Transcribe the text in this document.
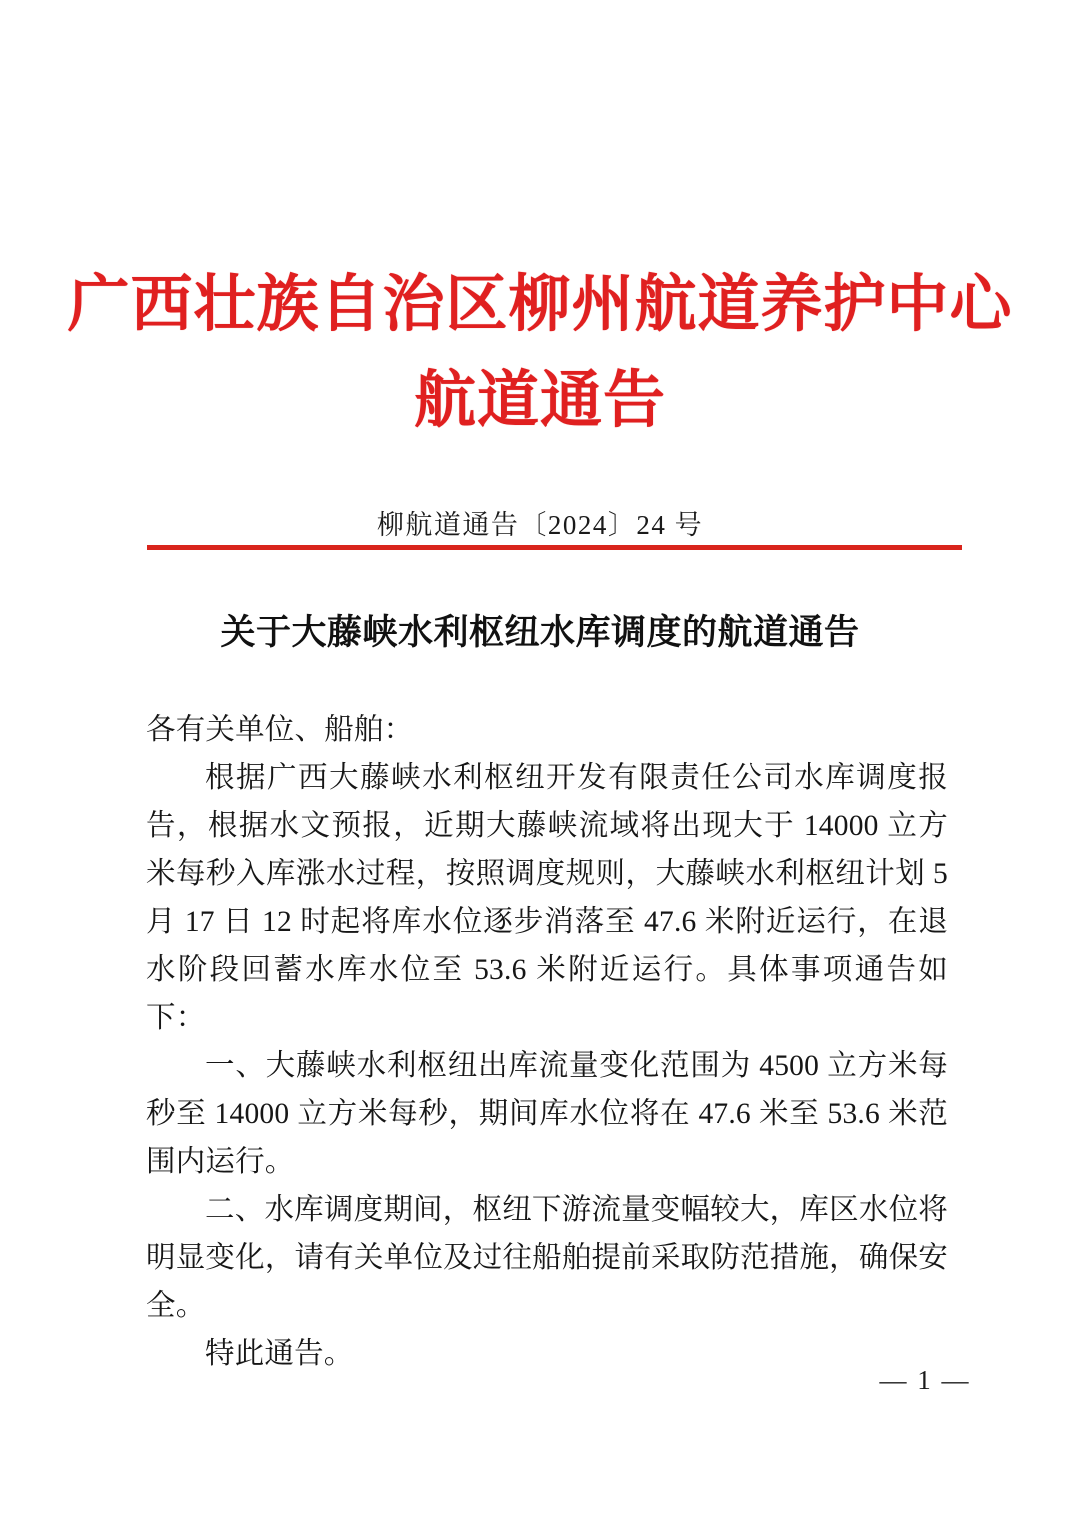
广西壮族自治区柳州航道养护中心
航道通告
柳航道通告〔2024〕24 号
关于大藤峡水利枢纽水库调度的航道通告

各有关单位、船舶：

根据广西大藤峡水利枢纽开发有限责任公司水库调度报告，根据水文预报，近期大藤峡流域将出现大于 14000 立方米每秒入库涨水过程，按照调度规则，大藤峡水利枢纽计划 5 月 17 日 12 时起将库水位逐步消落至 47.6 米附近运行，在退水阶段回蓄水库水位至 53.6 米附近运行。具体事项通告如下：

一、大藤峡水利枢纽出库流量变化范围为 4500 立方米每秒至 14000 立方米每秒，期间库水位将在 47.6 米至 53.6 米范围内运行。

二、水库调度期间，枢纽下游流量变幅较大，库区水位将明显变化，请有关单位及过往船舶提前采取防范措施，确保安全。

特此通告。

— 1 —
